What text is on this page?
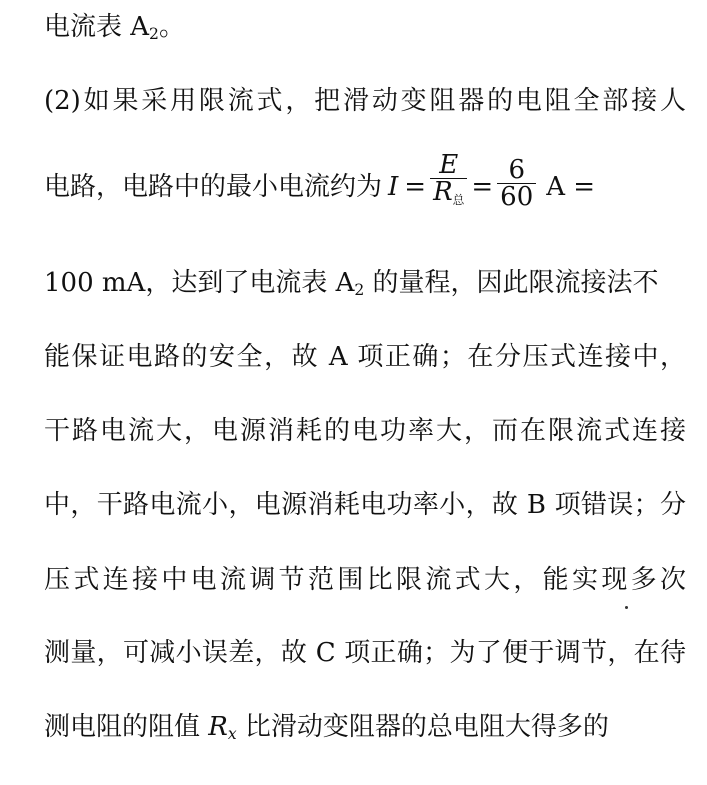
电流表 $A_2$。
(2)如果采用限流式，把滑动变阻器的电阻全部接人
电路，电路中的最小电流约为 $I = \frac{E}{\text{R总}} = \frac{6}{60}$ A =
100 mA，达到了电流表 $A_2$ 的量程，因此限流接法不
能保证电路的安全，故 A 项正确；在分压式连接中，
干路电流大，电源消耗的电功率大，而在限流式连接
中，干路电流小，电源消耗电功率小，故 B 项错误；分
压式连接中电流调节范围比限流式大，能实现多次
测量，可减小误差，故 C 项正确；为了便于调节，在待
测电阻的阻值 $R_x$ 比滑动变阻器的总电阻大得多的
